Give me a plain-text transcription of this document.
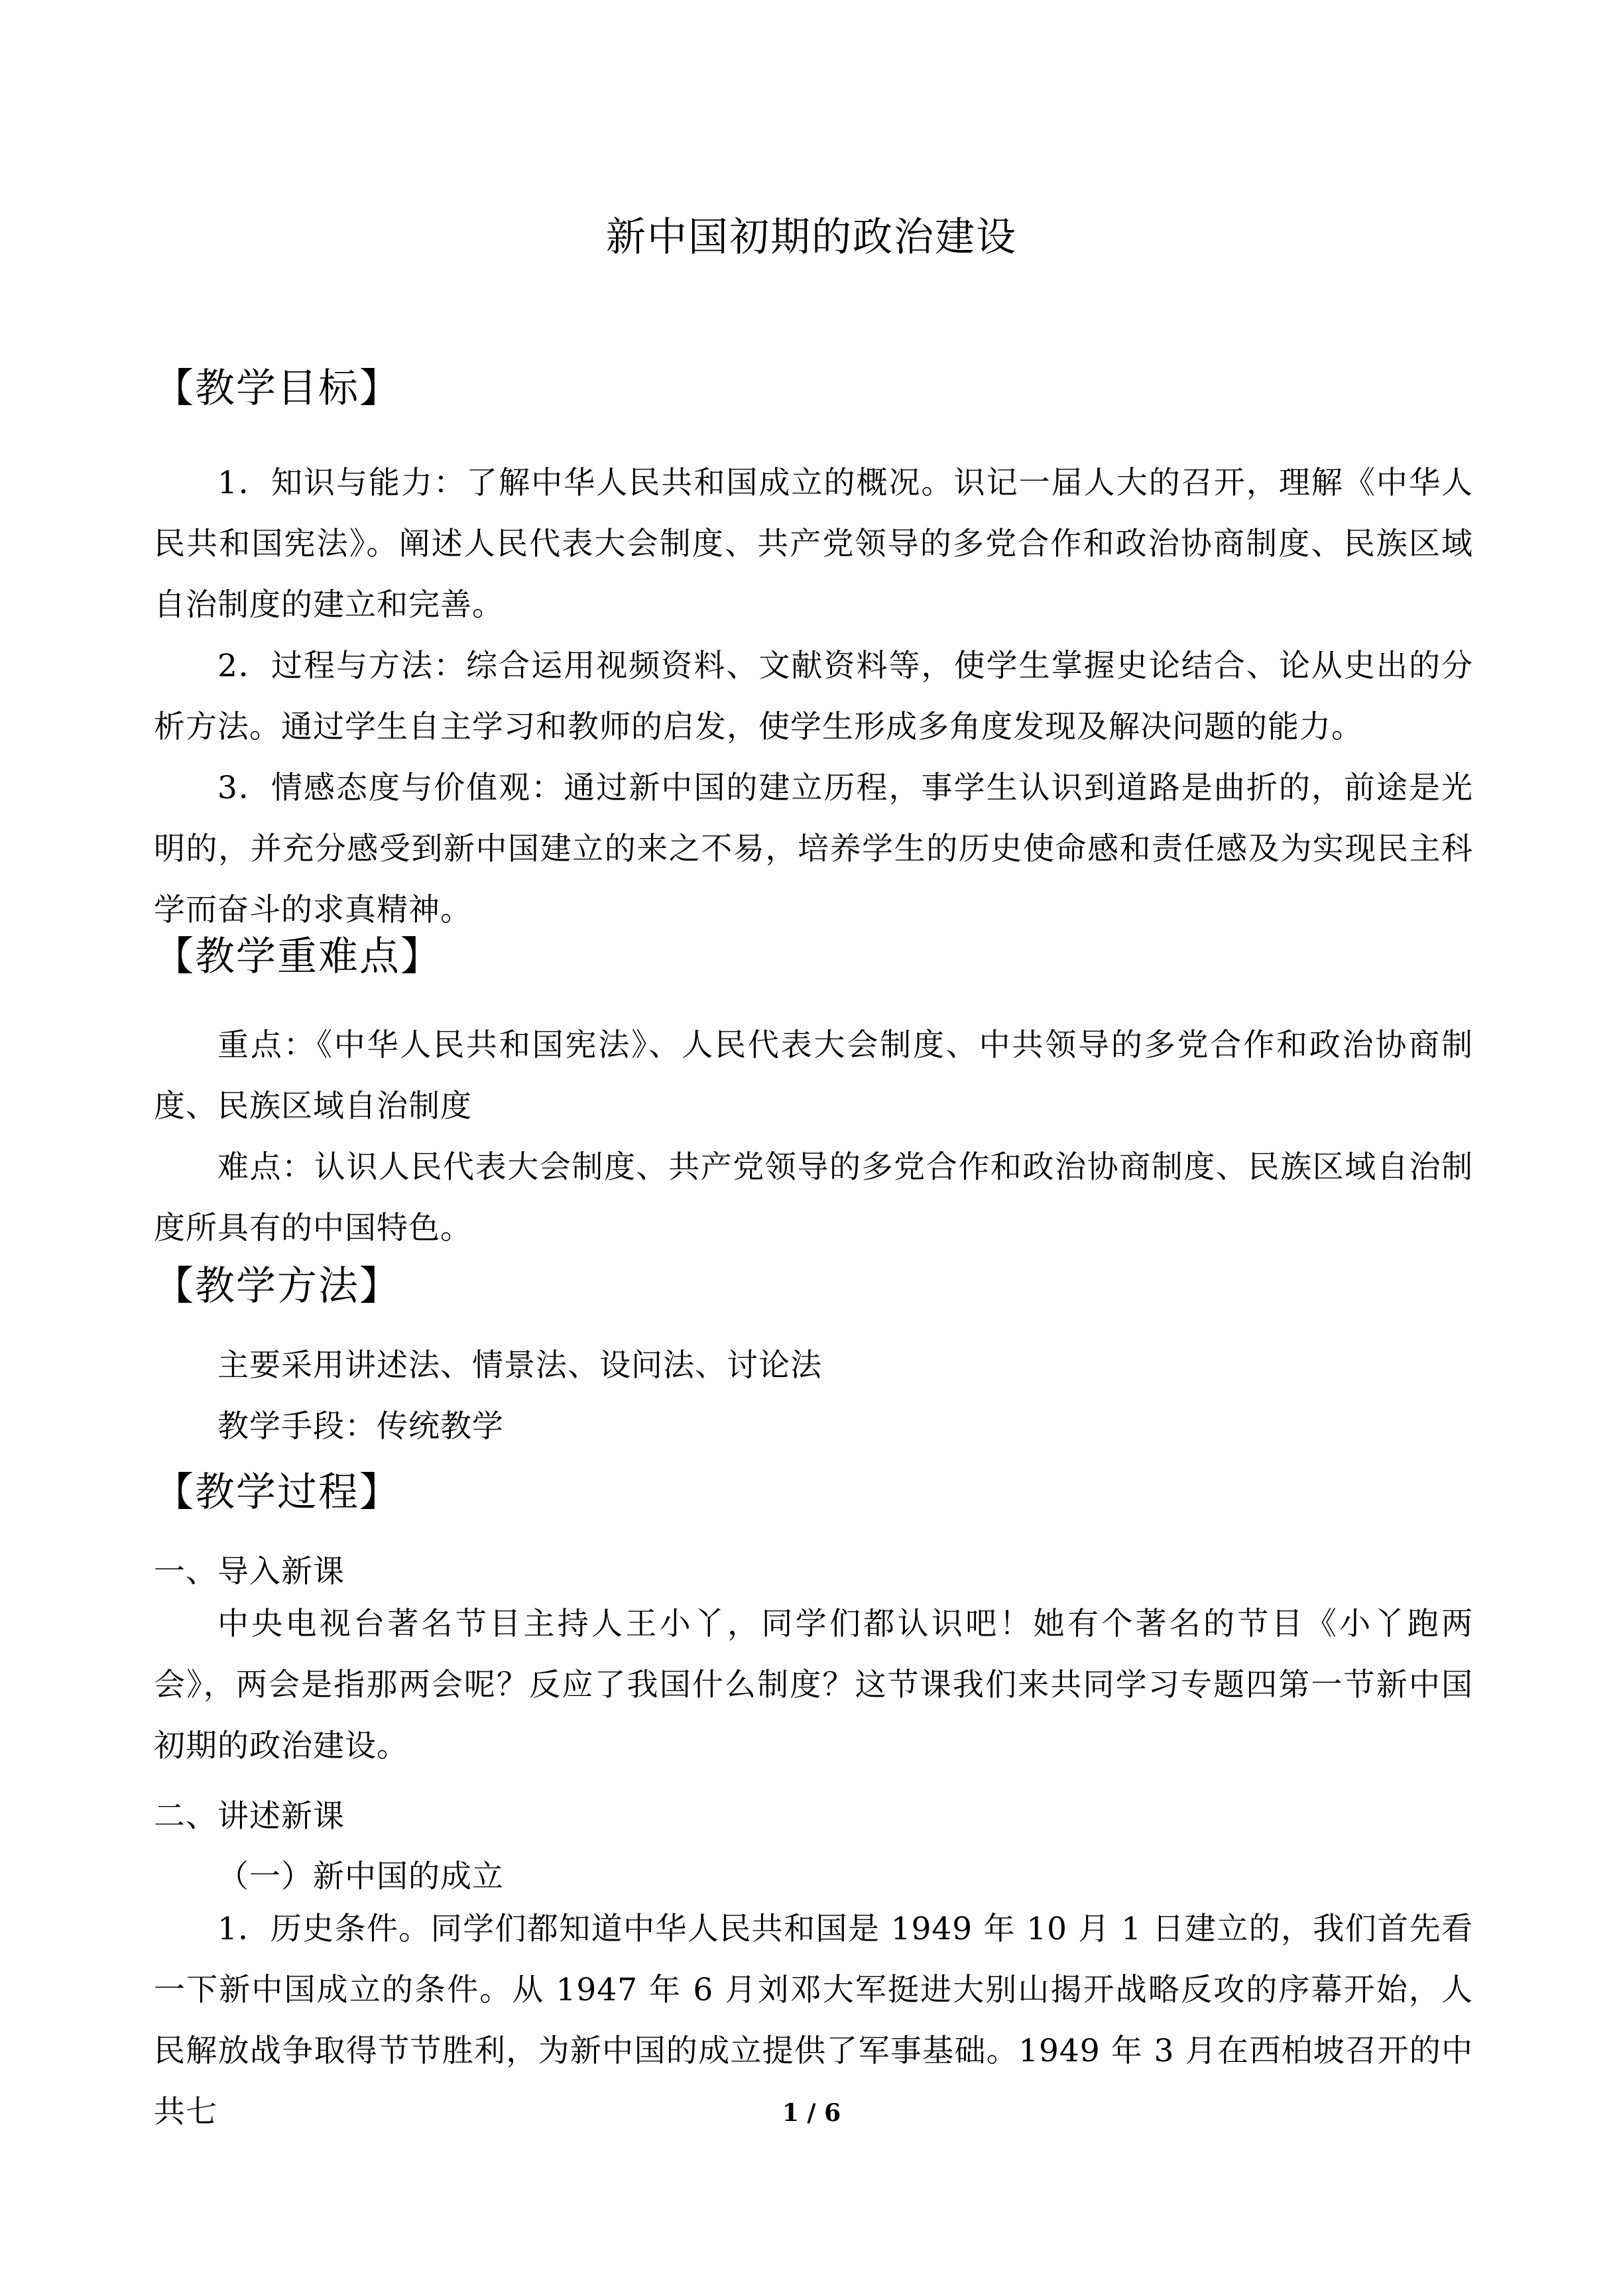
新中国初期的政治建设
【教学目标】
1．知识与能力：了解中华人民共和国成立的概况。识记一届人大的召开，理解《中华人民共和国宪法》。阐述人民代表大会制度、共产党领导的多党合作和政治协商制度、民族区域自治制度的建立和完善。
2．过程与方法：综合运用视频资料、文献资料等，使学生掌握史论结合、论从史出的分析方法。通过学生自主学习和教师的启发，使学生形成多角度发现及解决问题的能力。
3．情感态度与价值观：通过新中国的建立历程，事学生认识到道路是曲折的，前途是光明的，并充分感受到新中国建立的来之不易，培养学生的历史使命感和责任感及为实现民主科学而奋斗的求真精神。
【教学重难点】
重点：《中华人民共和国宪法》、人民代表大会制度、中共领导的多党合作和政治协商制度、民族区域自治制度
难点：认识人民代表大会制度、共产党领导的多党合作和政治协商制度、民族区域自治制度所具有的中国特色。
【教学方法】
主要采用讲述法、情景法、设问法、讨论法
教学手段：传统教学
【教学过程】
一、导入新课
中央电视台著名节目主持人王小丫，同学们都认识吧！她有个著名的节目《小丫跑两会》，两会是指那两会呢？反应了我国什么制度？这节课我们来共同学习专题四第一节新中国初期的政治建设。
二、讲述新课
（一）新中国的成立
1．历史条件。同学们都知道中华人民共和国是 1949 年 10 月 1 日建立的，我们首先看一下新中国成立的条件。从 1947 年 6 月刘邓大军挺进大别山揭开战略反攻的序幕开始，人民解放战争取得节节胜利，为新中国的成立提供了军事基础。1949 年 3 月在西柏坡召开的中共七	1 / 6
